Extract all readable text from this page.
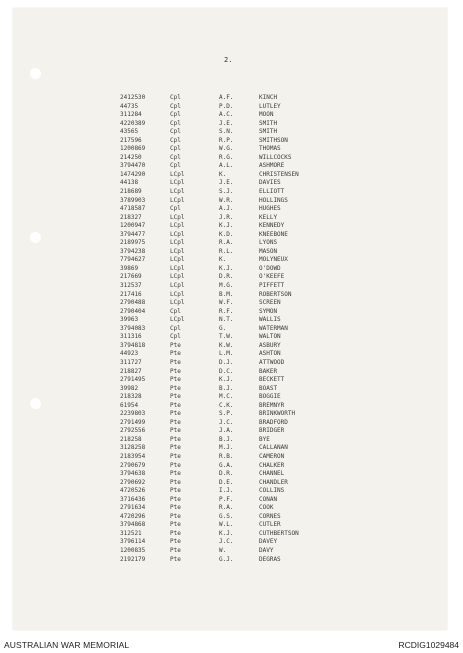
2.
2412530	Cpl	A.F.	KINCH
44735	Cpl	P.D.	LUTLEY
311284	Cpl	A.C.	MOON
4220389	Cpl	J.E.	SMITH
43565	Cpl	S.N.	SMITH
217596	Cpl	R.P.	SMITHSON
1200869	Cpl	W.G.	THOMAS
214250	Cpl	R.G.	WILLCOCKS
3794470	Cpl	A.L.	ASHMORE
1474290	LCpl	K.	CHRISTENSEN
44138	LCpl	J.E.	DAVIES
218689	LCpl	S.J.	ELLIOTT
3789903	LCpl	W.R.	HOLLINGS
4718587	Cpl	A.J.	HUGHES
218327	LCpl	J.R.	KELLY
1200947	LCpl	K.J.	KENNEDY
3794477	LCpl	K.D.	KNEEBONE
2189975	LCpl	R.A.	LYONS
3794238	LCpl	R.L.	MASON
7794627	LCpl	K.	MOLYNEUX
39869	LCpl	K.J.	O'DOWD
217669	LCpl	D.R.	O'KEEFE
312537	LCpl	M.G.	PIFFETT
217416	LCpl	B.M.	ROBERTSON
2790488	LCpl	W.F.	SCREEN
2790404	Cpl	R.F.	SYMON
39963	LCpl	N.T.	WALLIS
3794083	Cpl	G.	WATERMAN
311316	Cpl	T.W.	WALTON
3794818	Pte	K.W.	ASBURY
44923	Pte	L.M.	ASHTON
311727	Pte	D.J.	ATTWOOD
218827	Pte	D.C.	BAKER
2791495	Pte	K.J.	BECKETT
39982	Pte	B.J.	BOAST
218328	Pte	M.C.	BOGGIE
61954	Pte	C.K.	BREMNYR
2239803	Pte	S.P.	BRINKWORTH
2791499	Pte	J.C.	BRADFORD
2792556	Pte	J.A.	BRIDGER
218258	Pte	B.J.	BYE
3128258	Pte	M.J.	CALLANAN
2183954	Pte	R.B.	CAMERON
2790679	Pte	G.A.	CHALKER
3794638	Pte	D.R.	CHANNEL
2790692	Pte	D.E.	CHANDLER
4720526	Pte	I.J.	COLLINS
3716436	Pte	P.F.	CONAN
2791634	Pte	R.A.	COOK
4720296	Pte	G.S.	CORNES
3794868	Pte	W.L.	CUTLER
312521	Pte	K.J.	CUTHBERTSON
3796114	Pte	J.C.	DAVEY
1200835	Pte	W.	DAVY
2192179	Pte	G.J.	DEGRAS
AUSTRALIAN WAR MEMORIAL	RCDIG1029484
